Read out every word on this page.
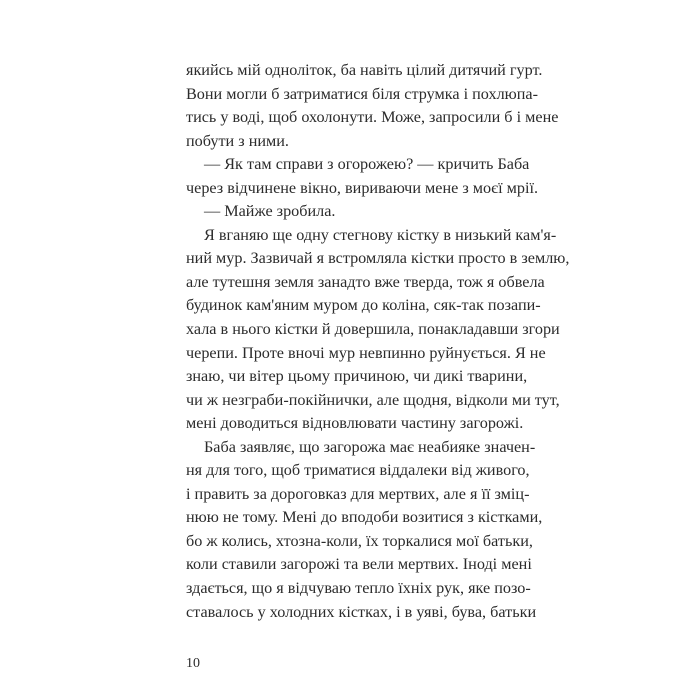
якийсь мій одноліток, ба навіть цілий дитячий гурт.
Вони могли б затриматися біля струмка і похлюпа-
тись у воді, щоб охолонути. Може, запросили б і мене
побути з ними.
— Як там справи з огорожею? — кричить Баба
через відчинене вікно, вириваючи мене з моєї мрії.
— Майже зробила.
Я вганяю ще одну стегнову кістку в низький кам'я-
ний мур. Зазвичай я встромляла кістки просто в землю,
але тутешня земля занадто вже тверда, тож я обвела
будинок кам'яним муром до коліна, сяк-так позапи-
хала в нього кістки й довершила, понакладавши згори
черепи. Проте вночі мур невпинно руйнується. Я не
знаю, чи вітер цьому причиною, чи дикі тварини,
чи ж незграби-покійнички, але щодня, відколи ми тут,
мені доводиться відновлювати частину загорожі.
Баба заявляє, що загорожа має неабияке значен-
ня для того, щоб триматися віддалеки від живого,
і править за дороговказ для мертвих, але я її зміц-
нюю не тому. Мені до вподоби возитися з кістками,
бо ж колись, хтозна-коли, їх торкалися мої батьки,
коли ставили загорожі та вели мертвих. Іноді мені
здається, що я відчуваю тепло їхніх рук, яке позо-
ставалось у холодних кістках, і в уяві, бува, батьки
10
